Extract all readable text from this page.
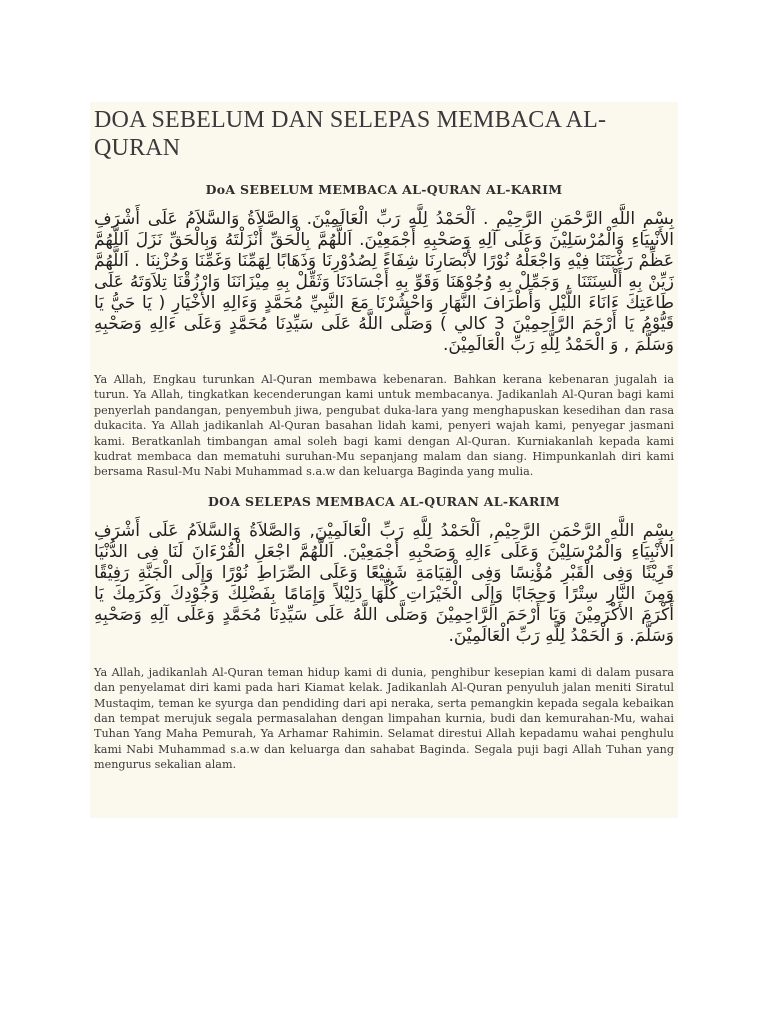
DOA SEBELUM DAN SELEPAS MEMBACA AL-QURAN
DoA SEBELUM MEMBACA AL-QURAN AL-KARIM
بِسْمِ اللَّهِ الرَّحْمَنِ الرَّحِيْمِ . اَلْحَمْدُ لِلَّهِ رَبِّ الْعَالَمِيْنَ. وَالصَّلاَةُ وَالسَّلاَمُ عَلَى أَشْرَفِ الأَنْبِيَاءِ وَالْمُرْسَلِيْنَ وَعَلَى آلِهِ وَصَحْبِهِ أَجْمَعِيْنَ. اَللَّهُمَّ بِالْحَقِّ أَنْزَلْتَهُ وَبِالْحَقِّ نَزَلَ اَللَّهُمَّ عَظِّمْ رَغْبَتَنَا فِيْهِ وَاجْعَلْهُ نُوْرًا لأَبْصَارِنَا شِفَاءً لِصُدُوْرِنَا وَذَهَابًا لِهَمِّنَا وَغَمِّنَا وَحُزْنِنَا . اَللَّهُمَّ زَيِّنْ بِهِ أَلْسِنَتَنَا , وَجَمِّلْ بِهِ وُجُوْهَنَا وَقَوِّ بِهِ أَجْسَادَنَا وَثَقِّلْ بِهِ مِيْزَانَنَا وَارْزُقْنَا تِلاَوَتَهُ عَلَى طَاعَتِكَ ءَانَاءَ اللَّيْلِ وَأَطْرَافَ النَّهَارِ وَاحْشُرْنَا مَعَ النَّبِيِّ مُحَمَّدٍ وَءَالِهِ الأَخْيَارِ ( يَا حَيُّ يَا قَيُّوْمُ يَا أَرْحَمَ الرَّاحِمِيْنَ 3 كالي ) وَصَلَّى اللَّهُ عَلَى سَيِّدِنَا مُحَمَّدٍ وَعَلَى ءَالِهِ وَصَحْبِهِ وَسَلَّمَ , وَ الْحَمْدُ لِلَّهِ رَبِّ الْعَالَمِيْنَ.
Ya Allah, Engkau turunkan Al-Quran membawa kebenaran. Bahkan kerana kebenaran jugalah ia turun. Ya Allah, tingkatkan kecenderungan kami untuk membacanya. Jadikanlah Al-Quran bagi kami penyerlah pandangan, penyembuh jiwa, pengubat duka-lara yang menghapuskan kesedihan dan rasa dukacita. Ya Allah jadikanlah Al-Quran basahan lidah kami, penyeri wajah kami, penyegar jasmani kami. Beratkanlah timbangan amal soleh bagi kami dengan Al-Quran. Kurniakanlah kepada kami kudrat membaca dan mematuhi suruhan-Mu sepanjang malam dan siang. Himpunkanlah diri kami bersama Rasul-Mu Nabi Muhammad s.a.w dan keluarga Baginda yang mulia.
DOA SELEPAS MEMBACA AL-QURAN AL-KARIM
بِسْمِ اللَّهِ الرَّحْمَنِ الرَّحِيْمِ, اَلْحَمْدُ لِلَّهِ رَبِّ الْعَالَمِيْنَ, وَالصَّلاَةُ وَالسَّلاَمُ عَلَى أَشْرَفِ الأَنْبِيَاءِ وَالْمُرْسَلِيْنَ وَعَلَى ءَالِهِ وَصَحْبِهِ أَجْمَعِيْنَ. اَللَّهُمَّ اجْعَلِ الْقُرْءَانَ لَنَا فِى الدُّنْيَا قَرِيْنًا وَفِى الْقَبْرِ مُؤْنِسًا وَفِى الْقِيَامَةِ شَفِيْعًا وَعَلَى الصِّرَاطِ نُوْرًا وَإِلَى الْجَنَّةِ رَفِيْقًا وَمِنَ النَّارِ سِتْرًا وَحِجَابًا وَإِلَى الْخَيْرَاتِ كُلِّهَا دَلِيْلاً وَإِمَامًا بِفَضْلِكَ وَجُوْدِكَ وَكَرَمِكَ يَا أَكْرَمَ الأَكْرَمِيْنَ وَيَا أَرْحَمَ الرَّاحِمِيْنَ وَصَلَّى اللَّهُ عَلَى سَيِّدِنَا مُحَمَّدٍ وَعَلَى آلِهِ وَصَحْبِهِ وَسَلَّمَ. وَ الْحَمْدُ لِلَّهِ رَبِّ الْعَالَمِيْنَ.
Ya Allah, jadikanlah Al-Quran teman hidup kami di dunia, penghibur kesepian kami di dalam pusara dan penyelamat diri kami pada hari Kiamat kelak. Jadikanlah Al-Quran penyuluh jalan meniti Siratul Mustaqim, teman ke syurga dan pendiding dari api neraka, serta pemangkin kepada segala kebaikan dan tempat merujuk segala permasalahan dengan limpahan kurnia, budi dan kemurahan-Mu, wahai Tuhan Yang Maha Pemurah, Ya Arhamar Rahimin. Selamat direstui Allah kepadamu wahai penghulu kami Nabi Muhammad s.a.w dan keluarga dan sahabat Baginda. Segala puji bagi Allah Tuhan yang mengurus sekalian alam.
